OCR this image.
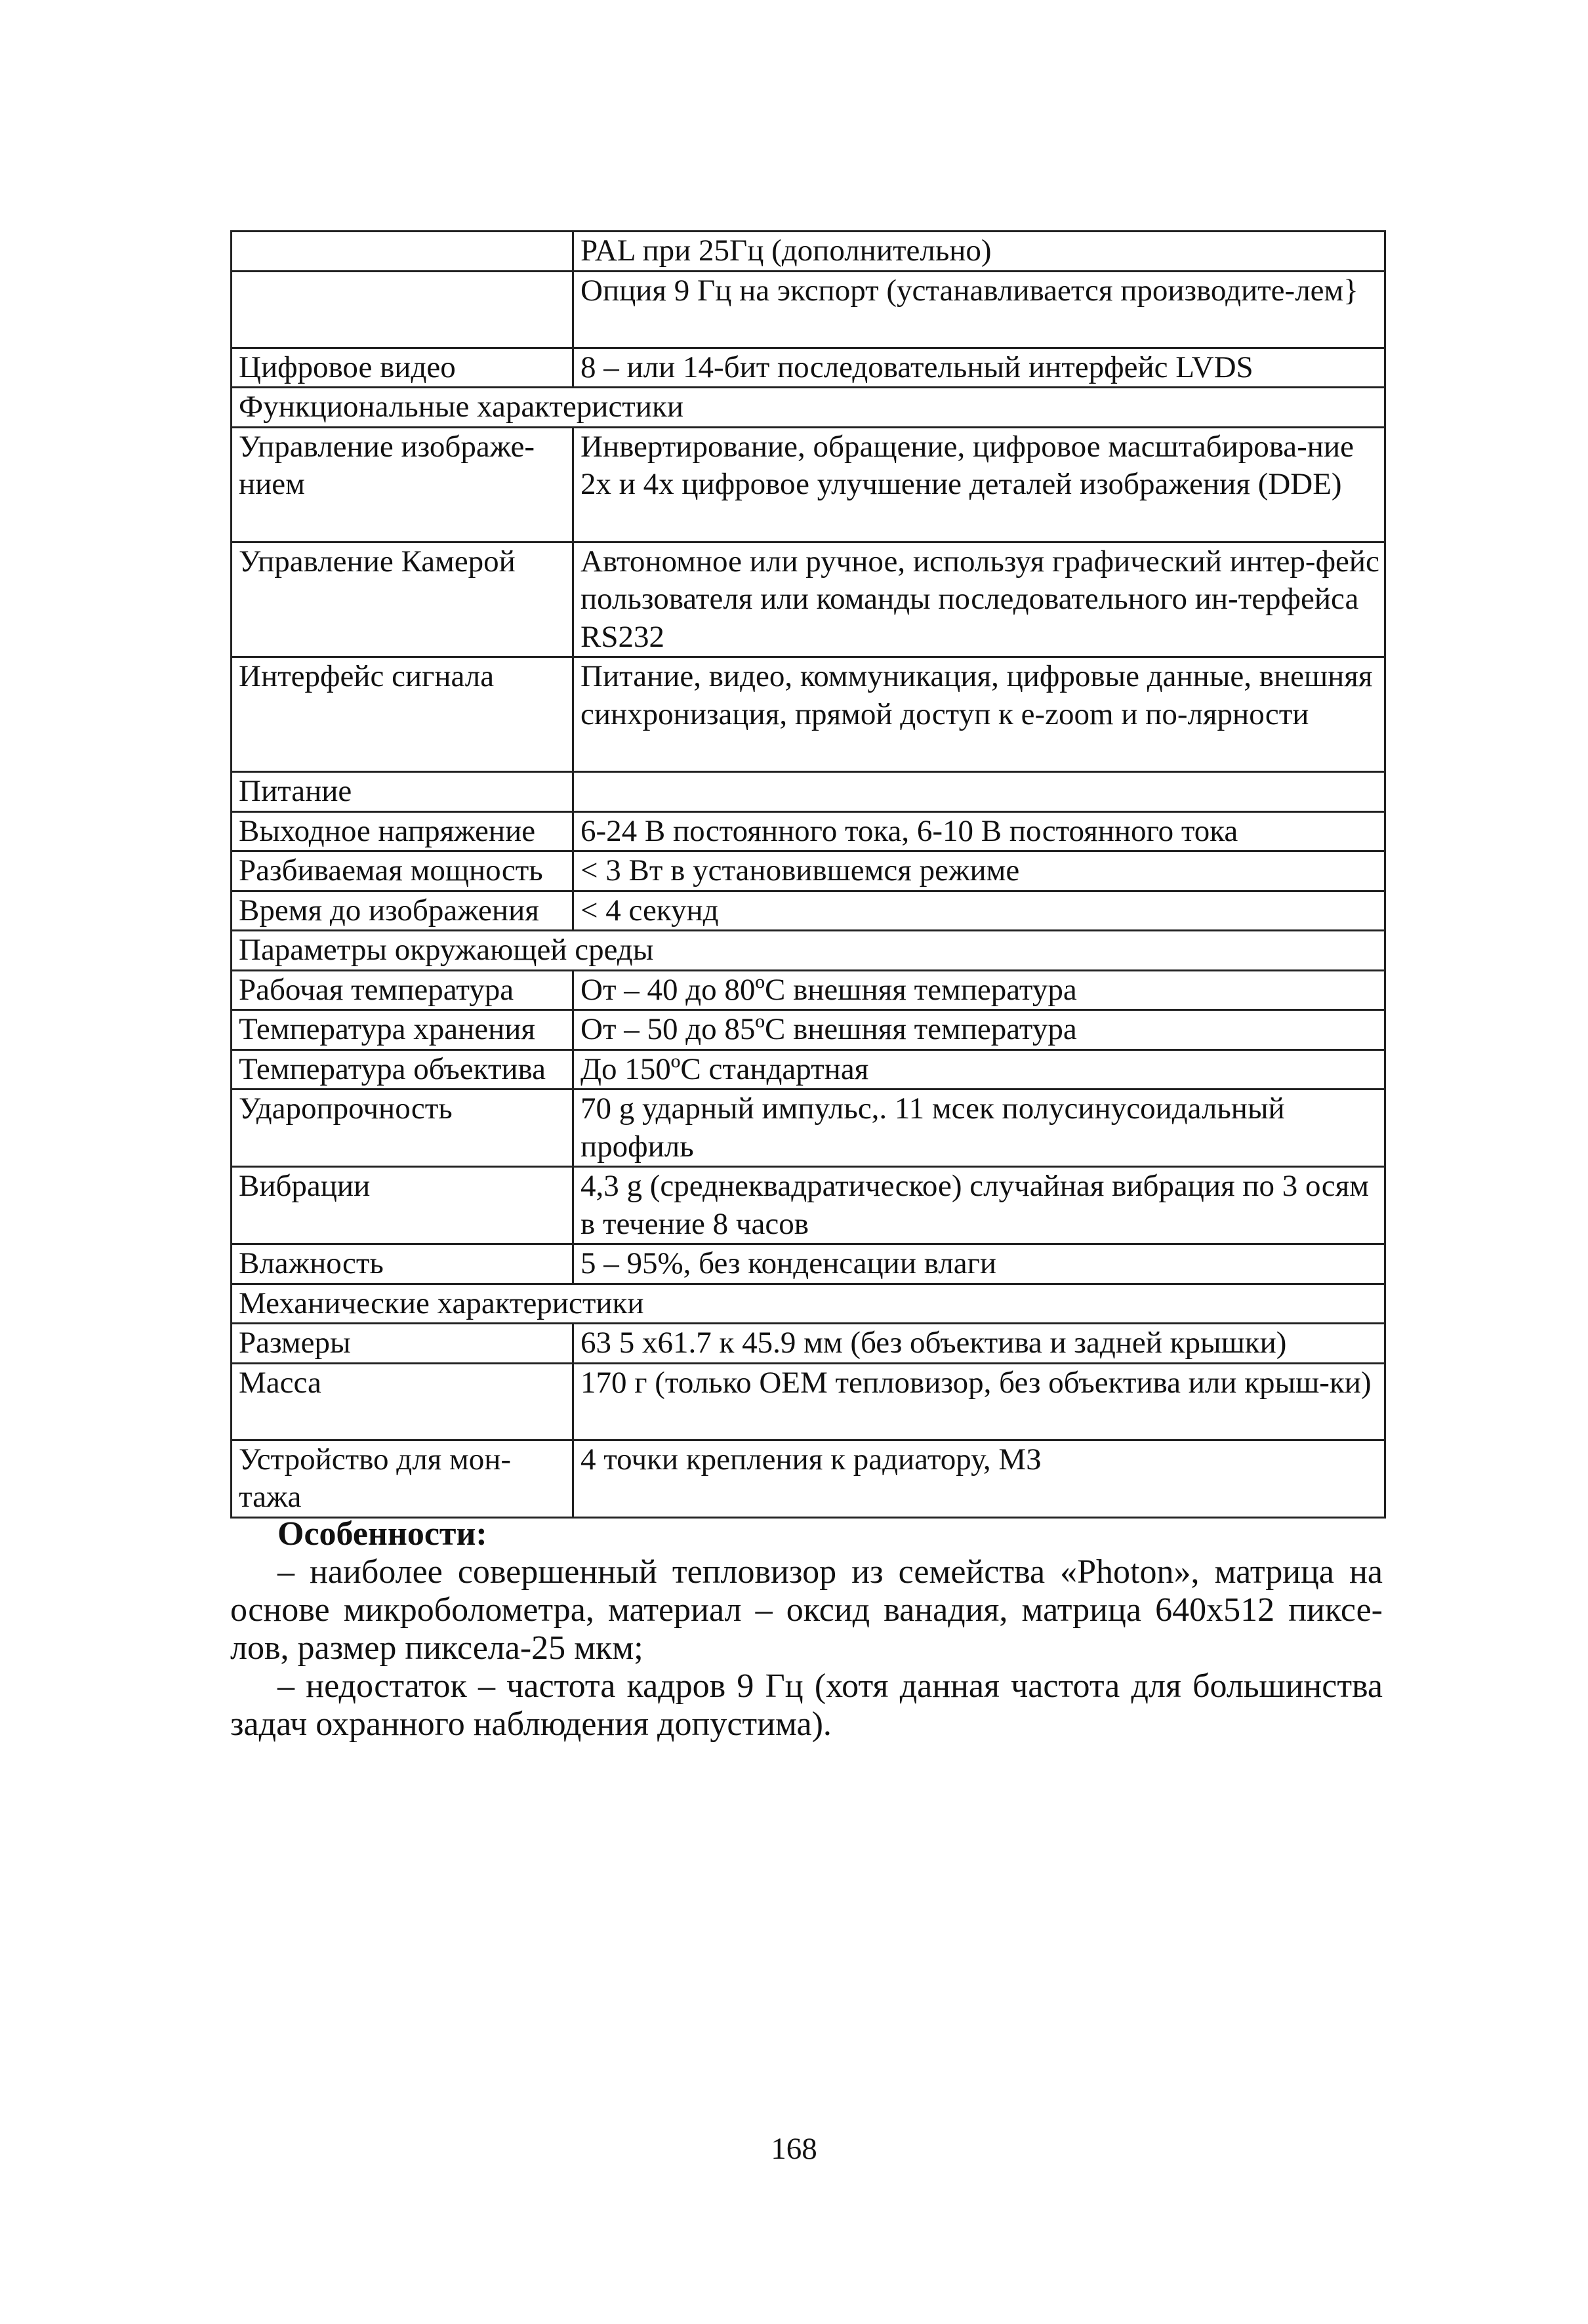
	PAL при 25Гц (дополнительно)
	Опция 9 Гц на экспорт (устанавливается производите-лем}
Цифровое видео	8 – или 14-бит последовательный интерфейс LVDS
Функциональные характеристики	
Управление изображе-нием	Инвертирование, обращение, цифровое масштабирова-ние 2х и 4х цифровое улучшение деталей изображения (DDE)
Управление Камерой	Автономное или ручное, используя графический интер-фейс пользователя или команды последовательного ин-терфейса RS232
Интерфейс сигнала	Питание, видео, коммуникация, цифровые данные, внешняя синхронизация, прямой доступ к e-zoom и по-лярности
Питание	
Выходное напряжение	6-24 В постоянного тока, 6-10 В постоянного тока
Разбиваемая мощность	< 3 Вт в установившемся режиме
Время до изображения	< 4 секунд
Параметры окружающей среды	
Рабочая температура	От – 40 до 80ºС внешняя температура
Температура хранения	От – 50 до 85ºС внешняя температура
Температура объектива	До 150ºС стандартная
Ударопрочность	70 g ударный импульс,. 11 мсек полусинусоидальный профиль
Вибрации	4,3 g (среднеквадратическое) случайная вибрация по 3 осям в течение 8 часов
Влажность	5 – 95%, без конденсации влаги
Механические характеристики	
Размеры	63 5 х61.7 к 45.9 мм (без объектива и задней крышки)
Масса	170 г (только OEM тепловизор, без объектива или крыш-ки)
Устройство для мон-тажа	4 точки крепления к радиатору, МЗ
Особенности:

– наиболее совершенный тепловизор из семейства «Photon», матрица на основе микроболометра, материал – оксид ванадия, матрица 640х512 пиксе-лов, размер пиксела-25 мкм;

– недостаток – частота кадров 9 Гц (хотя данная частота для большинства задач охранного наблюдения допустима).

168
